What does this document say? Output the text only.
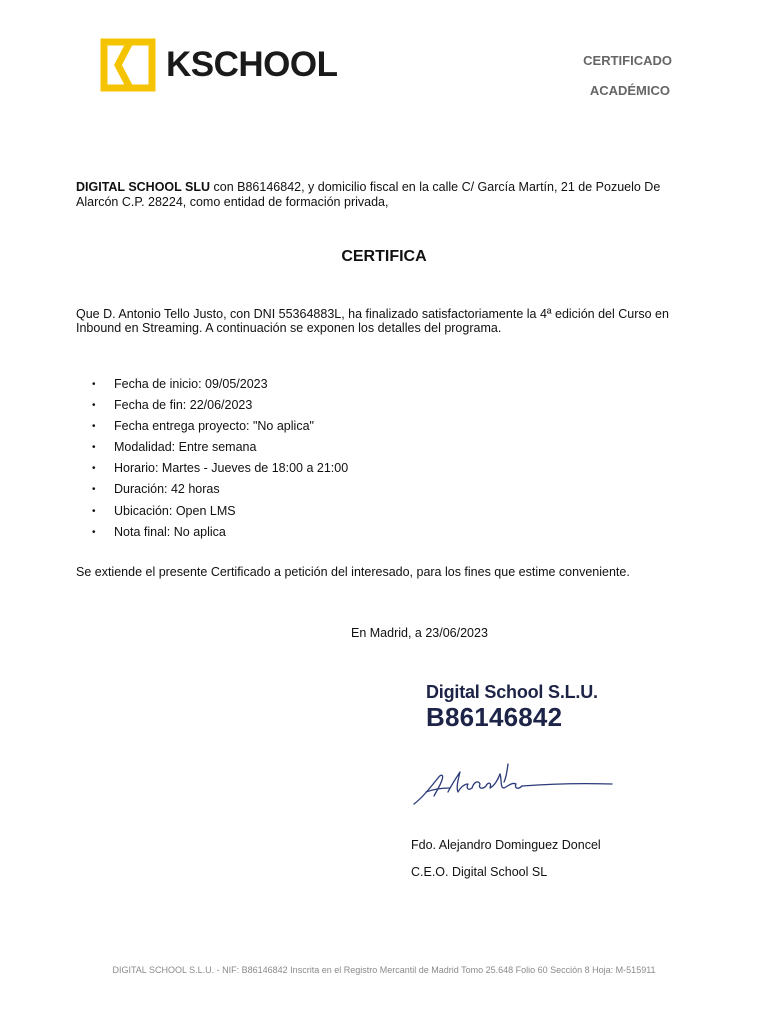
KSCHOOL	CERTIFICADO
ACADÉMICO
DIGITAL SCHOOL SLU con B86146842, y domicilio fiscal en la calle C/ García Martín, 21 de Pozuelo De Alarcón C.P. 28224, como entidad de formación privada,
CERTIFICA
Que D. Antonio Tello Justo, con DNI 55364883L, ha finalizado satisfactoriamente la 4ª edición del Curso en Inbound en Streaming. A continuación se exponen los detalles del programa.
• Fecha de inicio: 09/05/2023
• Fecha de fin: 22/06/2023
• Fecha entrega proyecto: "No aplica"
• Modalidad: Entre semana
• Horario: Martes - Jueves de 18:00 a 21:00
• Duración: 42 horas
• Ubicación: Open LMS
• Nota final: No aplica
Se extiende el presente Certificado a petición del interesado, para los fines que estime conveniente.
En Madrid, a 23/06/2023
Digital School S.L.U.
B86146842
Fdo. Alejandro Dominguez Doncel
C.E.O. Digital School SL
DIGITAL SCHOOL S.L.U. - NIF: B86146842 Inscrita en el Registro Mercantil de Madrid Tomo 25.648 Folio 60 Sección 8 Hoja: M-515911
